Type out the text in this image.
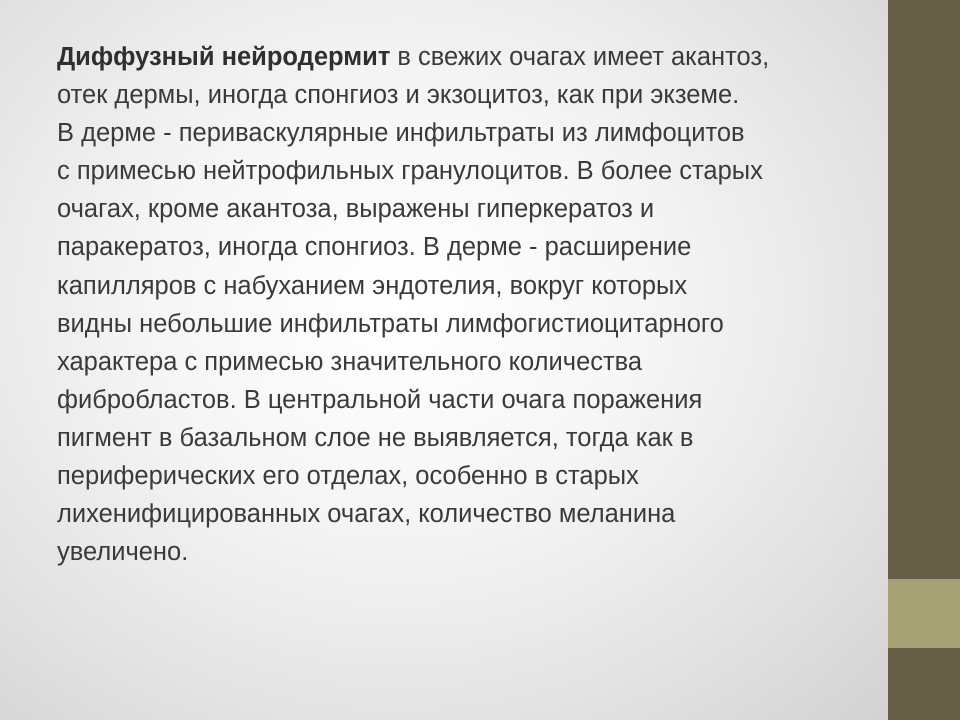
Диффузный нейродермит в свежих очагах имеет акантоз,
отек дермы, иногда спонгиоз и экзоцитоз, как при экземе.
В дерме - периваскулярные инфильтраты из лимфоцитов
с примесью нейтрофильных гранулоцитов. В более старых
очагах, кроме акантоза, выражены гиперкератоз и
паракератоз, иногда спонгиоз. В дерме - расширение
капилляров с набуханием эндотелия, вокруг которых
видны небольшие инфильтраты лимфогистиоцитарного
характера с примесью значительного количества
фибробластов. В центральной части очага поражения
пигмент в базальном слое не выявляется, тогда как в
периферических его отделах, особенно в старых
лихенифицированных очагах, количество меланина
увеличено.
